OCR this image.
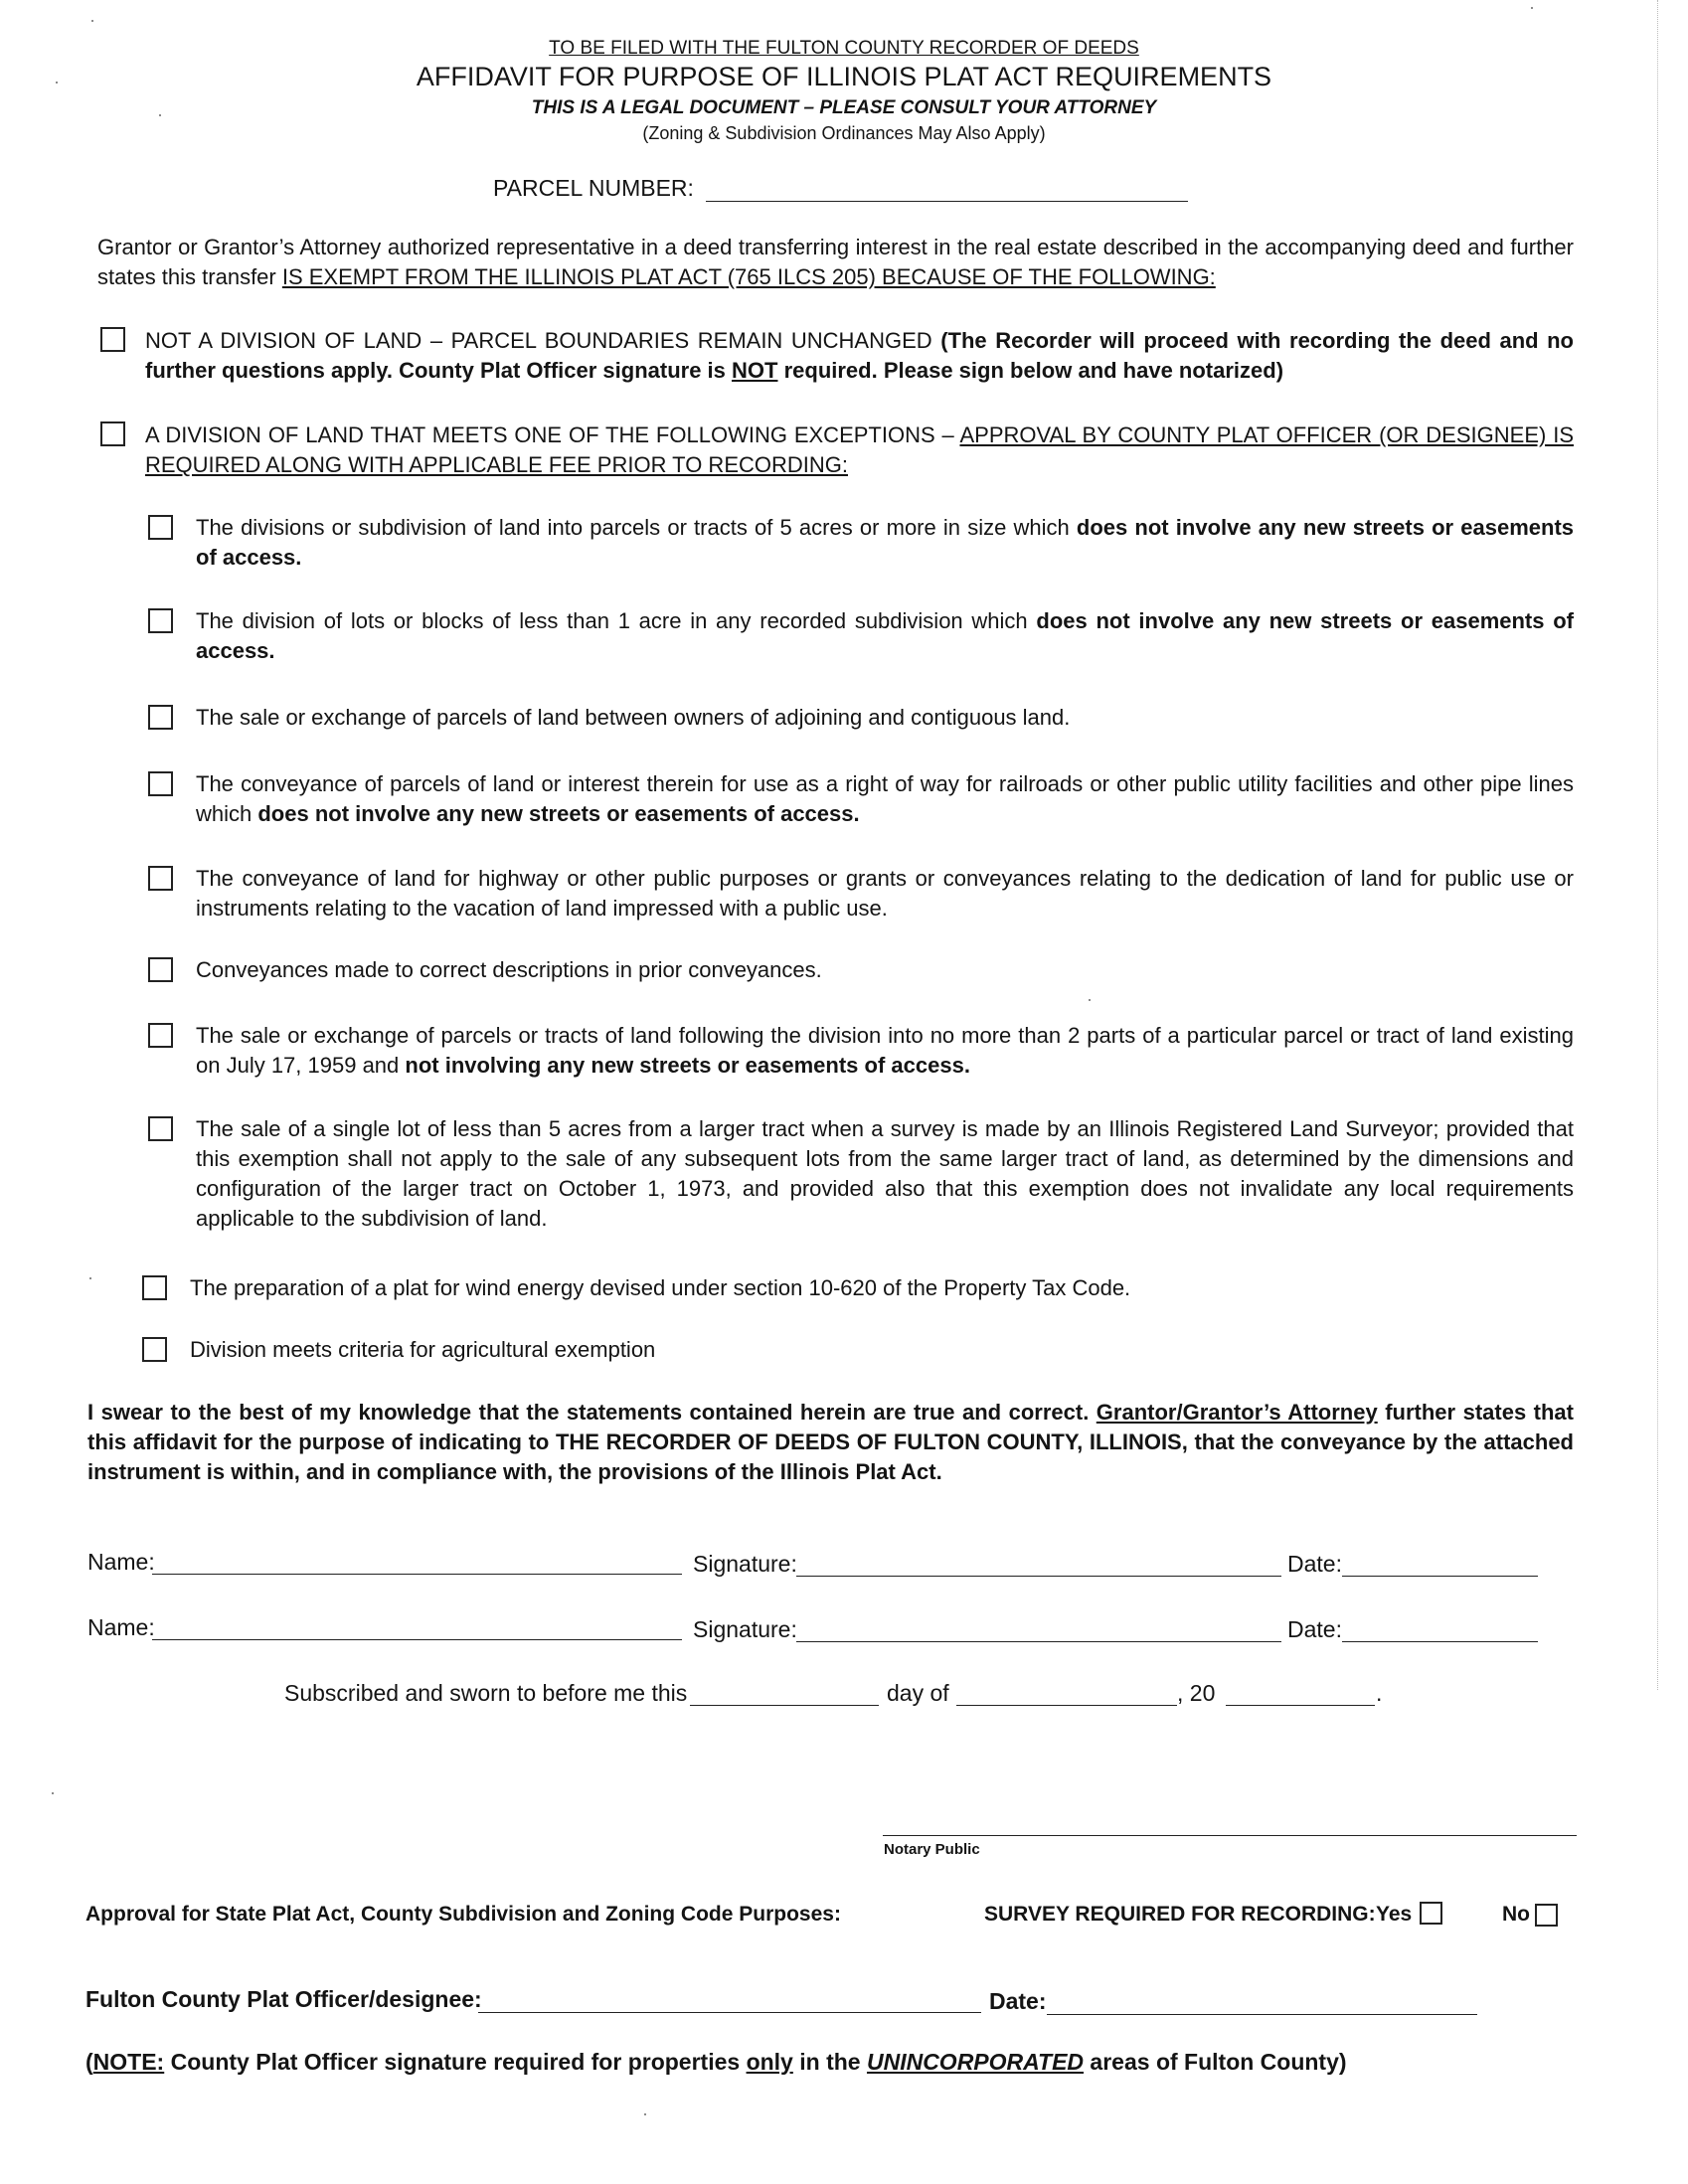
TO BE FILED WITH THE FULTON COUNTY RECORDER OF DEEDS
AFFIDAVIT FOR PURPOSE OF ILLINOIS PLAT ACT REQUIREMENTS
THIS IS A LEGAL DOCUMENT – PLEASE CONSULT YOUR ATTORNEY
(Zoning & Subdivision Ordinances May Also Apply)
PARCEL NUMBER:
Grantor or Grantor’s Attorney authorized representative in a deed transferring interest in the real estate described in the accompanying deed and further states this transfer IS EXEMPT FROM THE ILLINOIS PLAT ACT (765 ILCS 205) BECAUSE OF THE FOLLOWING:
NOT A DIVISION OF LAND – PARCEL BOUNDARIES REMAIN UNCHANGED (The Recorder will proceed with recording the deed and no further questions apply. County Plat Officer signature is NOT required. Please sign below and have notarized)
A DIVISION OF LAND THAT MEETS ONE OF THE FOLLOWING EXCEPTIONS – APPROVAL BY COUNTY PLAT OFFICER (OR DESIGNEE) IS REQUIRED ALONG WITH APPLICABLE FEE PRIOR TO RECORDING:
The divisions or subdivision of land into parcels or tracts of 5 acres or more in size which does not involve any new streets or easements of access.
The division of lots or blocks of less than 1 acre in any recorded subdivision which does not involve any new streets or easements of access.
The sale or exchange of parcels of land between owners of adjoining and contiguous land.
The conveyance of parcels of land or interest therein for use as a right of way for railroads or other public utility facilities and other pipe lines which does not involve any new streets or easements of access.
The conveyance of land for highway or other public purposes or grants or conveyances relating to the dedication of land for public use or instruments relating to the vacation of land impressed with a public use.
Conveyances made to correct descriptions in prior conveyances.
The sale or exchange of parcels or tracts of land following the division into no more than 2 parts of a particular parcel or tract of land existing on July 17, 1959 and not involving any new streets or easements of access.
The sale of a single lot of less than 5 acres from a larger tract when a survey is made by an Illinois Registered Land Surveyor; provided that this exemption shall not apply to the sale of any subsequent lots from the same larger tract of land, as determined by the dimensions and configuration of the larger tract on October 1, 1973, and provided also that this exemption does not invalidate any local requirements applicable to the subdivision of land.
The preparation of a plat for wind energy devised under section 10-620 of the Property Tax Code.
Division meets criteria for agricultural exemption
I swear to the best of my knowledge that the statements contained herein are true and correct. Grantor/Grantor’s Attorney further states that this affidavit for the purpose of indicating to THE RECORDER OF DEEDS OF FULTON COUNTY, ILLINOIS, that the conveyance by the attached instrument is within, and in compliance with, the provisions of the Illinois Plat Act.
Name:	Signature:	Date:
Name:	Signature:	Date:
Subscribed and sworn to before me this	day of	, 20	.
Notary Public
Approval for State Plat Act, County Subdivision and Zoning Code Purposes:	SURVEY REQUIRED FOR RECORDING: Yes	No
Fulton County Plat Officer/designee:	Date:
(NOTE: County Plat Officer signature required for properties only in the UNINCORPORATED areas of Fulton County)
